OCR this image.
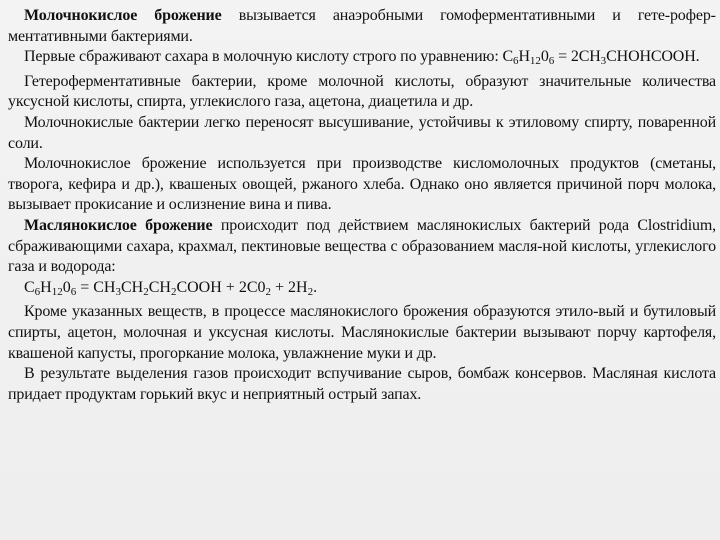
Молочнокислое брожение вызывается анаэробными гомоферментативными и гете-роферментативными бактериями.

Первые сбраживают сахара в молочную кислоту строго по уравнению: $C_6H_{12}0_6$ = $2CH_3CHOHCOOH$.

Гетероферментативные бактерии, кроме молочной кислоты, образуют значительные количества уксусной кислоты, спирта, углекислого газа, ацетона, диацетила и др.

Молочнокислые бактерии легко переносят высушивание, устойчивы к этиловому спирту, поваренной соли.

Молочнокислое брожение используется при производстве кисломолочных продуктов (сметаны, творога, кефира и др.), квашеных овощей, ржаного хлеба. Однако оно является причиной порч молока, вызывает прокисание и ослизнение вина и пива.

Маслянокислое брожение происходит под действием маслянокислых бактерий рода Clostridium, сбраживающими сахара, крахмал, пектиновые вещества с образованием масля-ной кислоты, углекислого газа и водорода:

$C_6H_{12}0_6$ = $CH_3CH_2CH_2COOH + 2C0_2 + 2H_2$.

Кроме указанных веществ, в процессе маслянокислого брожения образуются этило-вый и бутиловый спирты, ацетон, молочная и уксусная кислоты. Маслянокислые бактерии вызывают порчу картофеля, квашеной капусты, прогоркание молока, увлажнение муки и др.

В результате выделения газов происходит вспучивание сыров, бомбаж консервов. Масляная кислота придает продуктам горький вкус и неприятный острый запах.
